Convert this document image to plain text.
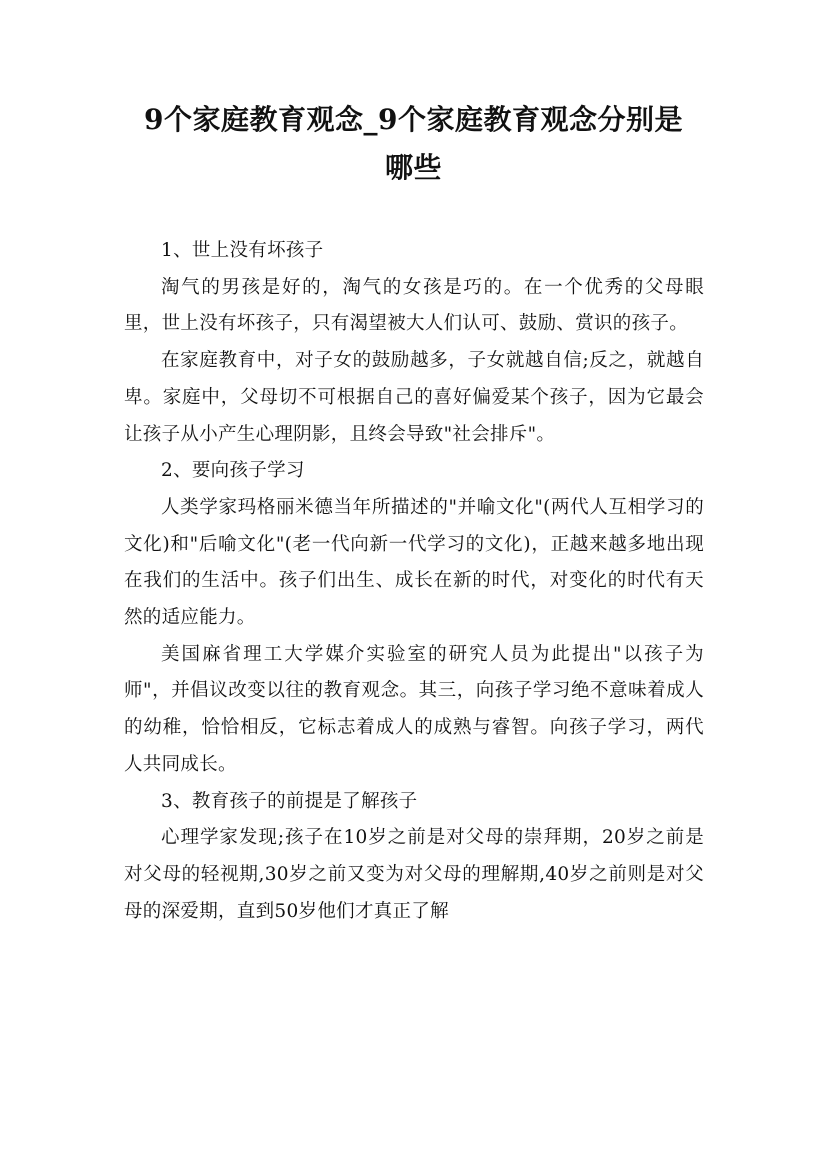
9个家庭教育观念_9个家庭教育观念分别是
哪些

1、世上没有坏孩子

淘气的男孩是好的，淘气的女孩是巧的。在一个优秀的父母眼里，世上没有坏孩子，只有渴望被大人们认可、鼓励、赏识的孩子。

在家庭教育中，对子女的鼓励越多，子女就越自信;反之，就越自卑。家庭中，父母切不可根据自己的喜好偏爱某个孩子，因为它最会让孩子从小产生心理阴影，且终会导致"社会排斥"。

2、要向孩子学习

人类学家玛格丽米德当年所描述的"并喻文化"(两代人互相学习的文化)和"后喻文化"(老一代向新一代学习的文化)，正越来越多地出现在我们的生活中。孩子们出生、成长在新的时代，对变化的时代有天然的适应能力。

美国麻省理工大学媒介实验室的研究人员为此提出"以孩子为师"，并倡议改变以往的教育观念。其三，向孩子学习绝不意味着成人的幼稚，恰恰相反，它标志着成人的成熟与睿智。向孩子学习，两代人共同成长。

3、教育孩子的前提是了解孩子

心理学家发现;孩子在10岁之前是对父母的崇拜期，20岁之前是对父母的轻视期,30岁之前又变为对父母的理解期,40岁之前则是对父母的深爱期，直到50岁他们才真正了解
